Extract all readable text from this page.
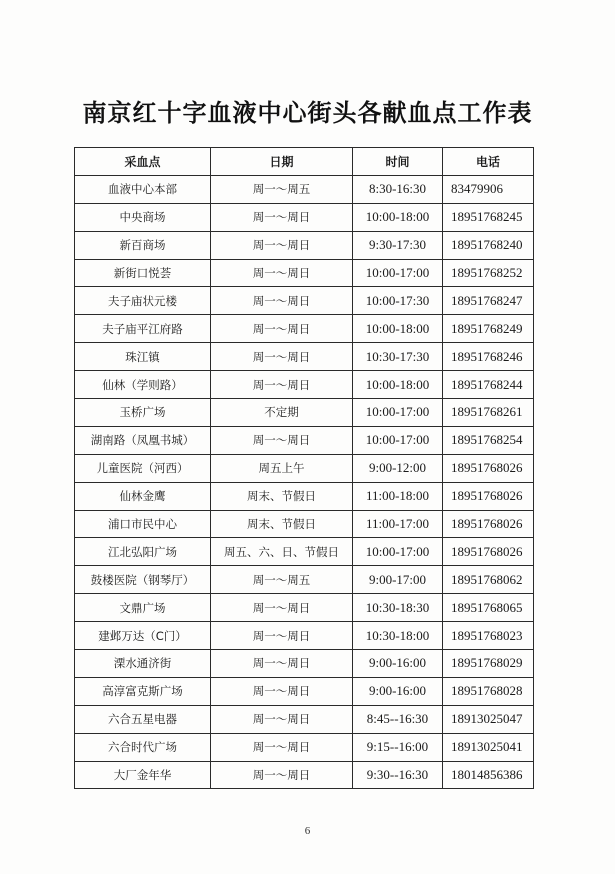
南京红十字血液中心街头各献血点工作表
采血点	日期	时间	电话
血液中心本部	周一～周五	8:30-16:30	83479906
中央商场	周一～周日	10:00-18:00	18951768245
新百商场	周一～周日	9:30-17:30	18951768240
新街口悦荟	周一～周日	10:00-17:00	18951768252
夫子庙状元楼	周一～周日	10:00-17:30	18951768247
夫子庙平江府路	周一～周日	10:00-18:00	18951768249
珠江镇	周一～周日	10:30-17:30	18951768246
仙林（学则路）	周一～周日	10:00-18:00	18951768244
玉桥广场	不定期	10:00-17:00	18951768261
湖南路（凤凰书城）	周一～周日	10:00-17:00	18951768254
儿童医院（河西）	周五上午	9:00-12:00	18951768026
仙林金鹰	周末、节假日	11:00-18:00	18951768026
浦口市民中心	周末、节假日	11:00-17:00	18951768026
江北弘阳广场	周五、六、日、节假日	10:00-17:00	18951768026
鼓楼医院（钢琴厅）	周一～周五	9:00-17:00	18951768062
文鼎广场	周一～周日	10:30-18:30	18951768065
建邺万达（C门）	周一～周日	10:30-18:00	18951768023
溧水通济街	周一～周日	9:00-16:00	18951768029
高淳富克斯广场	周一～周日	9:00-16:00	18951768028
六合五星电器	周一～周日	8:45--16:30	18913025047
六合时代广场	周一～周日	9:15--16:00	18913025041
大厂金年华	周一～周日	9:30--16:30	18014856386
6
